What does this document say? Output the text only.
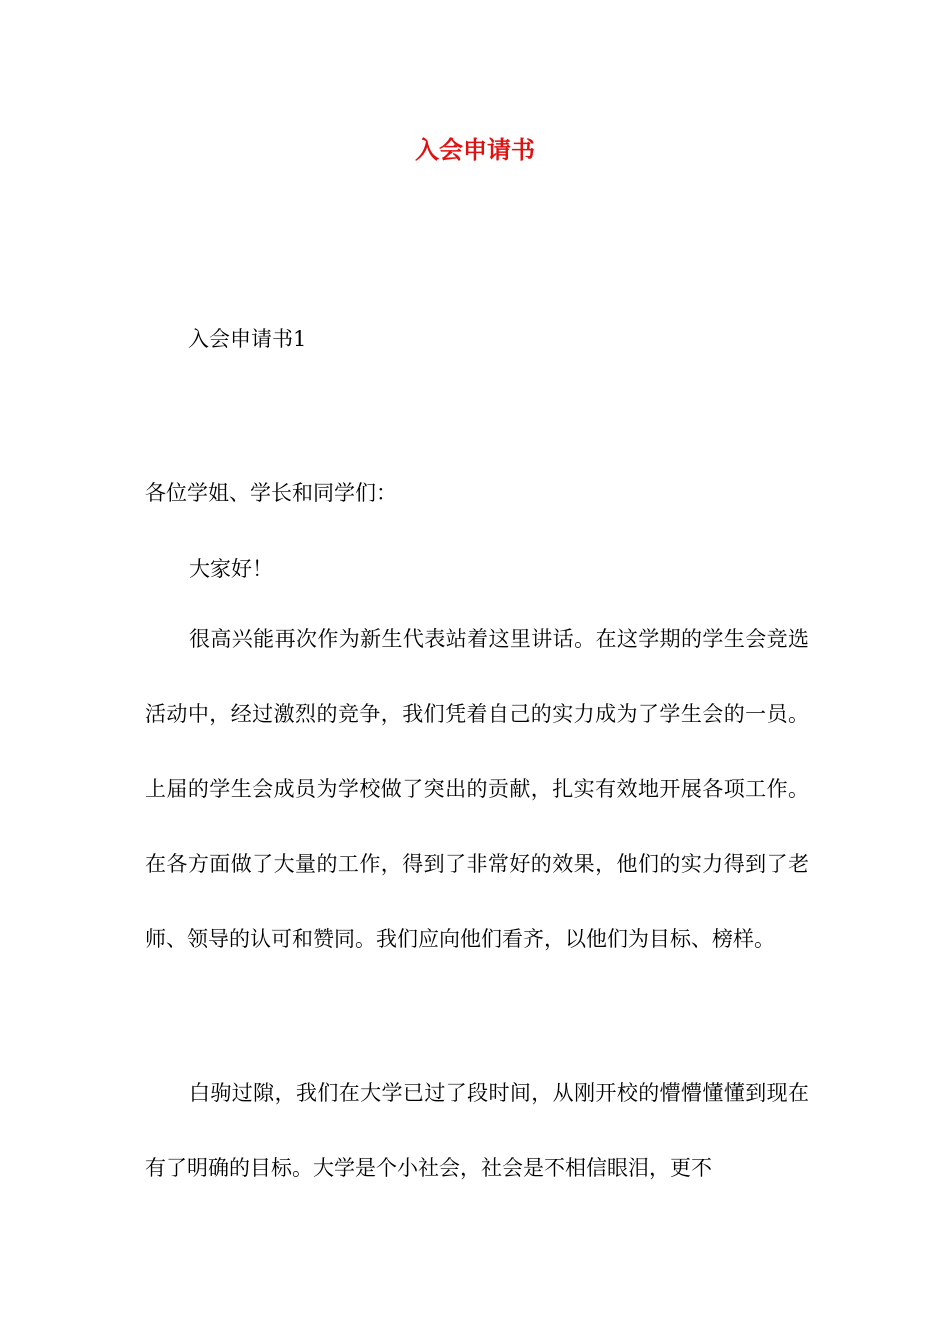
入会申请书

入会申请书1

各位学姐、学长和同学们：

大家好！

很高兴能再次作为新生代表站着这里讲话。在这学期的学生会竞选活动中，经过激烈的竞争，我们凭着自己的实力成为了学生会的一员。上届的学生会成员为学校做了突出的贡献，扎实有效地开展各项工作。在各方面做了大量的工作，得到了非常好的效果，他们的实力得到了老师、领导的认可和赞同。我们应向他们看齐，以他们为目标、榜样。

白驹过隙，我们在大学已过了段时间，从刚开校的懵懵懂懂到现在有了明确的目标。大学是个小社会，社会是不相信眼泪，更不
